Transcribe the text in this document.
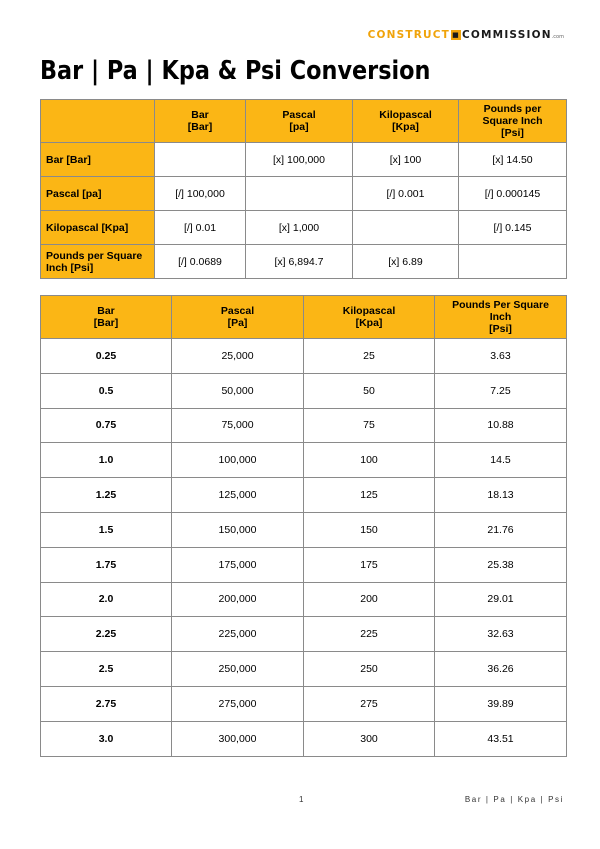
CONSTRUCT ■ COMMISSION.com
Bar | Pa | Kpa & Psi Conversion
	Bar
[Bar]	Pascal
[pa]	Kilopascal
[Kpa]	Pounds per
Square Inch
[Psi]
Bar [Bar]		[x] 100,000	[x] 100	[x] 14.50
Pascal [pa]	[/] 100,000		[/] 0.001	[/] 0.000145
Kilopascal [Kpa]	[/] 0.01	[x] 1,000		[/] 0.145
Pounds per Square
Inch [Psi]	[/] 0.0689	[x] 6,894.7	[x] 6.89	
Bar
[Bar]	Pascal
[Pa]	Kilopascal
[Kpa]	Pounds Per Square
Inch
[Psi]
0.25	25,000	25	3.63
0.5	50,000	50	7.25
0.75	75,000	75	10.88
1.0	100,000	100	14.5
1.25	125,000	125	18.13
1.5	150,000	150	21.76
1.75	175,000	175	25.38
2.0	200,000	200	29.01
2.25	225,000	225	32.63
2.5	250,000	250	36.26
2.75	275,000	275	39.89
3.0	300,000	300	43.51
1	Bar | Pa | Kpa | Psi
